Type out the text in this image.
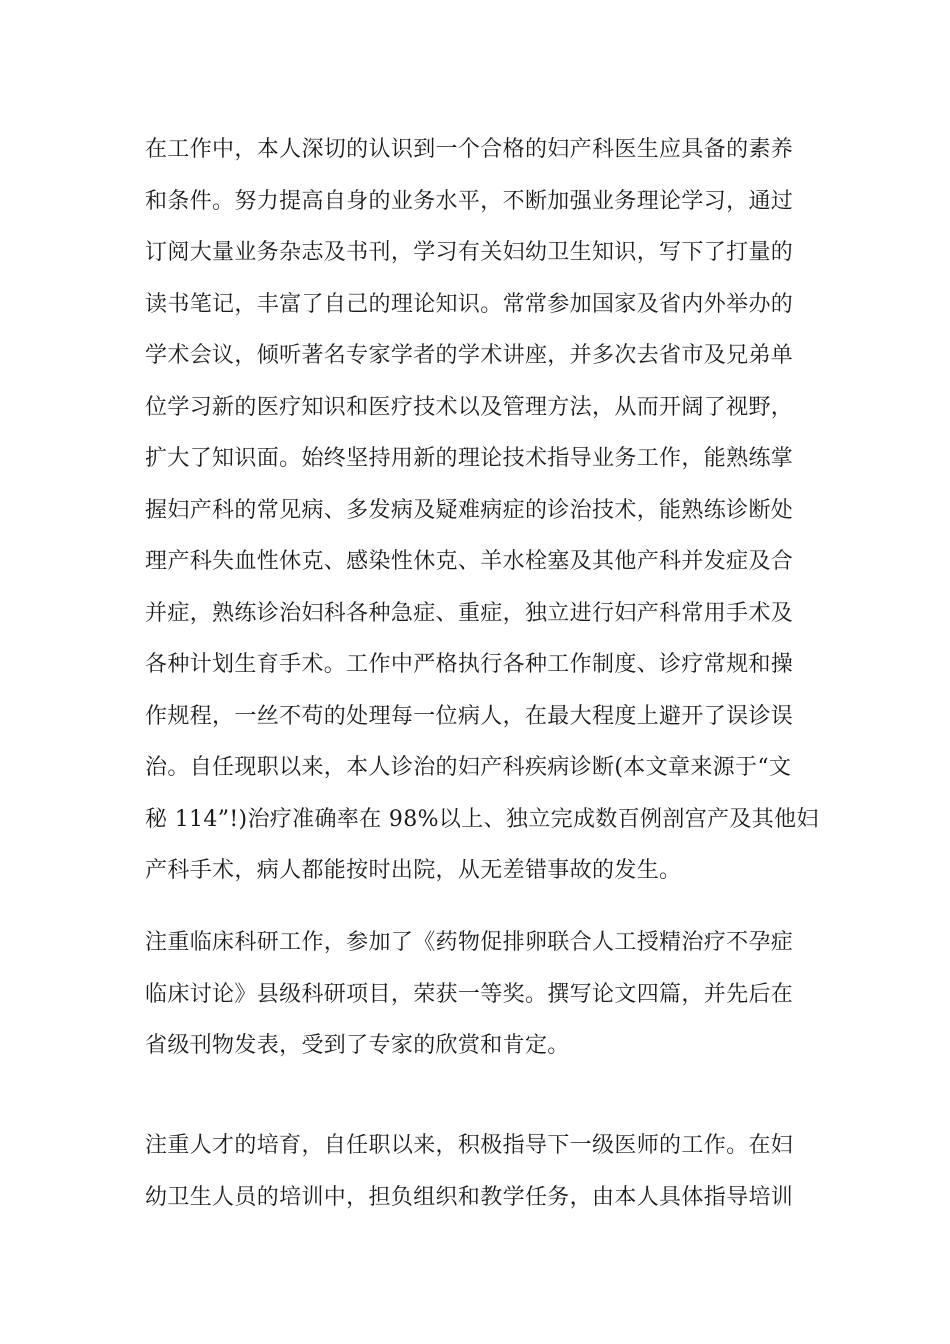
在工作中，本人深切的认识到一个合格的妇产科医生应具备的素养
和条件。努力提高自身的业务水平，不断加强业务理论学习，通过
订阅大量业务杂志及书刊，学习有关妇幼卫生知识，写下了打量的
读书笔记，丰富了自己的理论知识。常常参加国家及省内外举办的
学术会议，倾听著名专家学者的学术讲座，并多次去省市及兄弟单
位学习新的医疗知识和医疗技术以及管理方法，从而开阔了视野，
扩大了知识面。始终坚持用新的理论技术指导业务工作，能熟练掌
握妇产科的常见病、多发病及疑难病症的诊治技术，能熟练诊断处
理产科失血性休克、感染性休克、羊水栓塞及其他产科并发症及合
并症，熟练诊治妇科各种急症、重症，独立进行妇产科常用手术及
各种计划生育手术。工作中严格执行各种工作制度、诊疗常规和操
作规程，一丝不苟的处理每一位病人，在最大程度上避开了误诊误
治。自任现职以来，本人诊治的妇产科疾病诊断(本文章来源于“文
秘 114”!)治疗准确率在 98%以上、独立完成数百例剖宫产及其他妇
产科手术，病人都能按时出院，从无差错事故的发生。
注重临床科研工作，参加了《药物促排卵联合人工授精治疗不孕症
临床讨论》县级科研项目，荣获一等奖。撰写论文四篇，并先后在
省级刊物发表，受到了专家的欣赏和肯定。
注重人才的培育，自任职以来，积极指导下一级医师的工作。在妇
幼卫生人员的培训中，担负组织和教学任务，由本人具体指导培训
